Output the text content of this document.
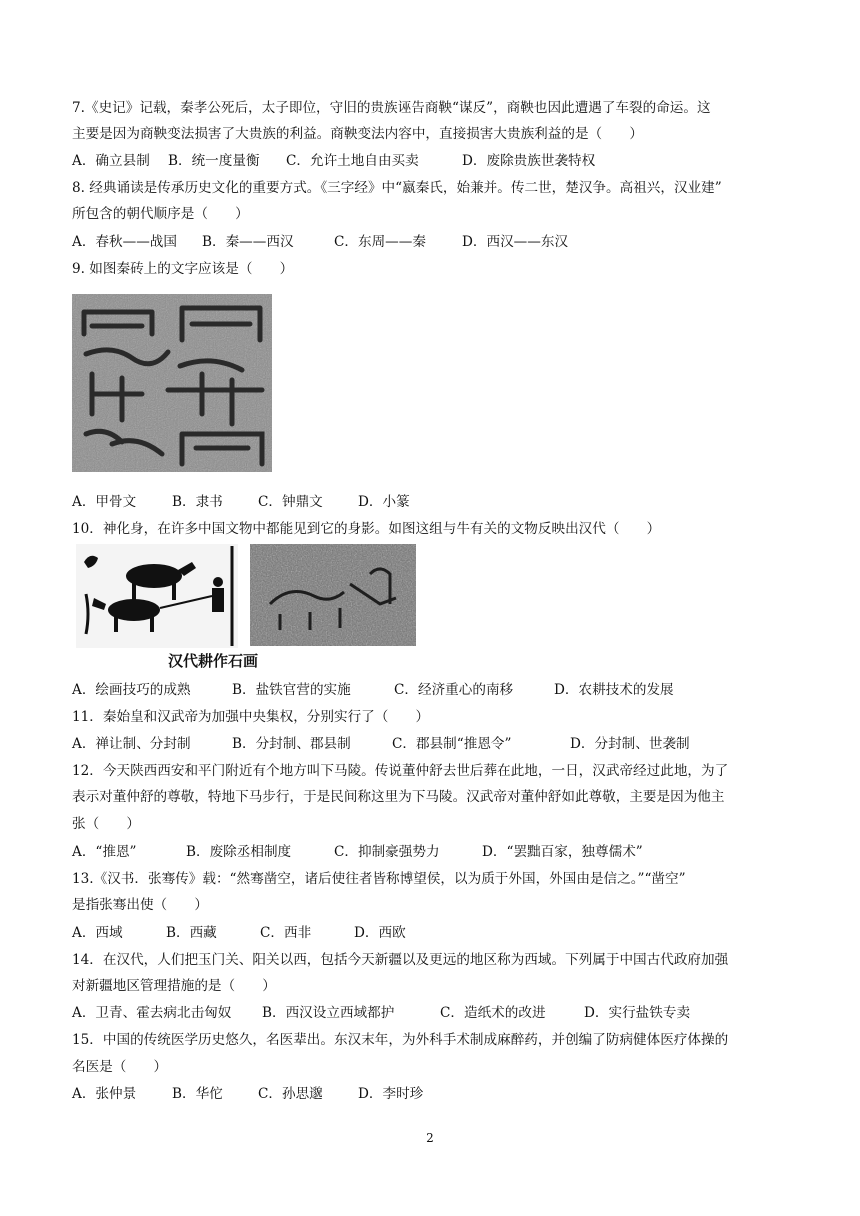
7.《史记》记载，秦孝公死后，太子即位，守旧的贵族诬告商鞅“谋反”，商鞅也因此遭遇了车裂的命运。这
主要是因为商鞅变法损害了大贵族的利益。商鞅变法内容中，直接损害大贵族利益的是（　　）
A．确立县制 B．统一度量衡 C．允许土地自由买卖	D．废除贵族世袭特权
8. 经典诵读是传承历史文化的重要方式。《三字经》中“嬴秦氏，始兼并。传二世，楚汉争。高祖兴，汉业建”
所包含的朝代顺序是（　　）
A．春秋——战国 B．秦——西汉	C．东周——秦	D．西汉——东汉
9. 如图秦砖上的文字应该是（　　）
A．甲骨文	B．隶书	C．钟鼎文	D．小篆
10．神化身，在许多中国文物中都能见到它的身影。如图这组与牛有关的文物反映出汉代（　　）
汉代耕作石画
A．绘画技巧的成熟	B．盐铁官营的实施	C．经济重心的南移	D．农耕技术的发展
11．秦始皇和汉武帝为加强中央集权，分别实行了（　　）
A．禅让制、分封制	B．分封制、郡县制	C．郡县制“推恩令”	D．分封制、世袭制
12．今天陕西西安和平门附近有个地方叫下马陵。传说董仲舒去世后葬在此地，一日，汉武帝经过此地，为了
表示对董仲舒的尊敬，特地下马步行，于是民间称这里为下马陵。汉武帝对董仲舒如此尊敬，主要是因为他主
张（　　）
A．“推恩”	B．废除丞相制度	C．抑制豪强势力	D．“罢黜百家，独尊儒术”
13.《汉书．张骞传》载：“然骞凿空，诸后使往者皆称博望侯，以为质于外国，外国由是信之。”“凿空”
是指张骞出使（　　）
A．西域	B．西藏	C．西非	D．西欧
14．在汉代，人们把玉门关、阳关以西，包括今天新疆以及更远的地区称为西域。下列属于中国古代政府加强
对新疆地区管理措施的是（　　）
A．卫青、霍去病北击匈奴 B．西汉设立西域都护	C．造纸术的改进	D．实行盐铁专卖
15．中国的传统医学历史悠久，名医辈出。东汉末年，为外科手术制成麻醉药，并创编了防病健体医疗体操的
名医是（　　）
A．张仲景	B．华佗	C．孙思邈	D．李时珍
2
